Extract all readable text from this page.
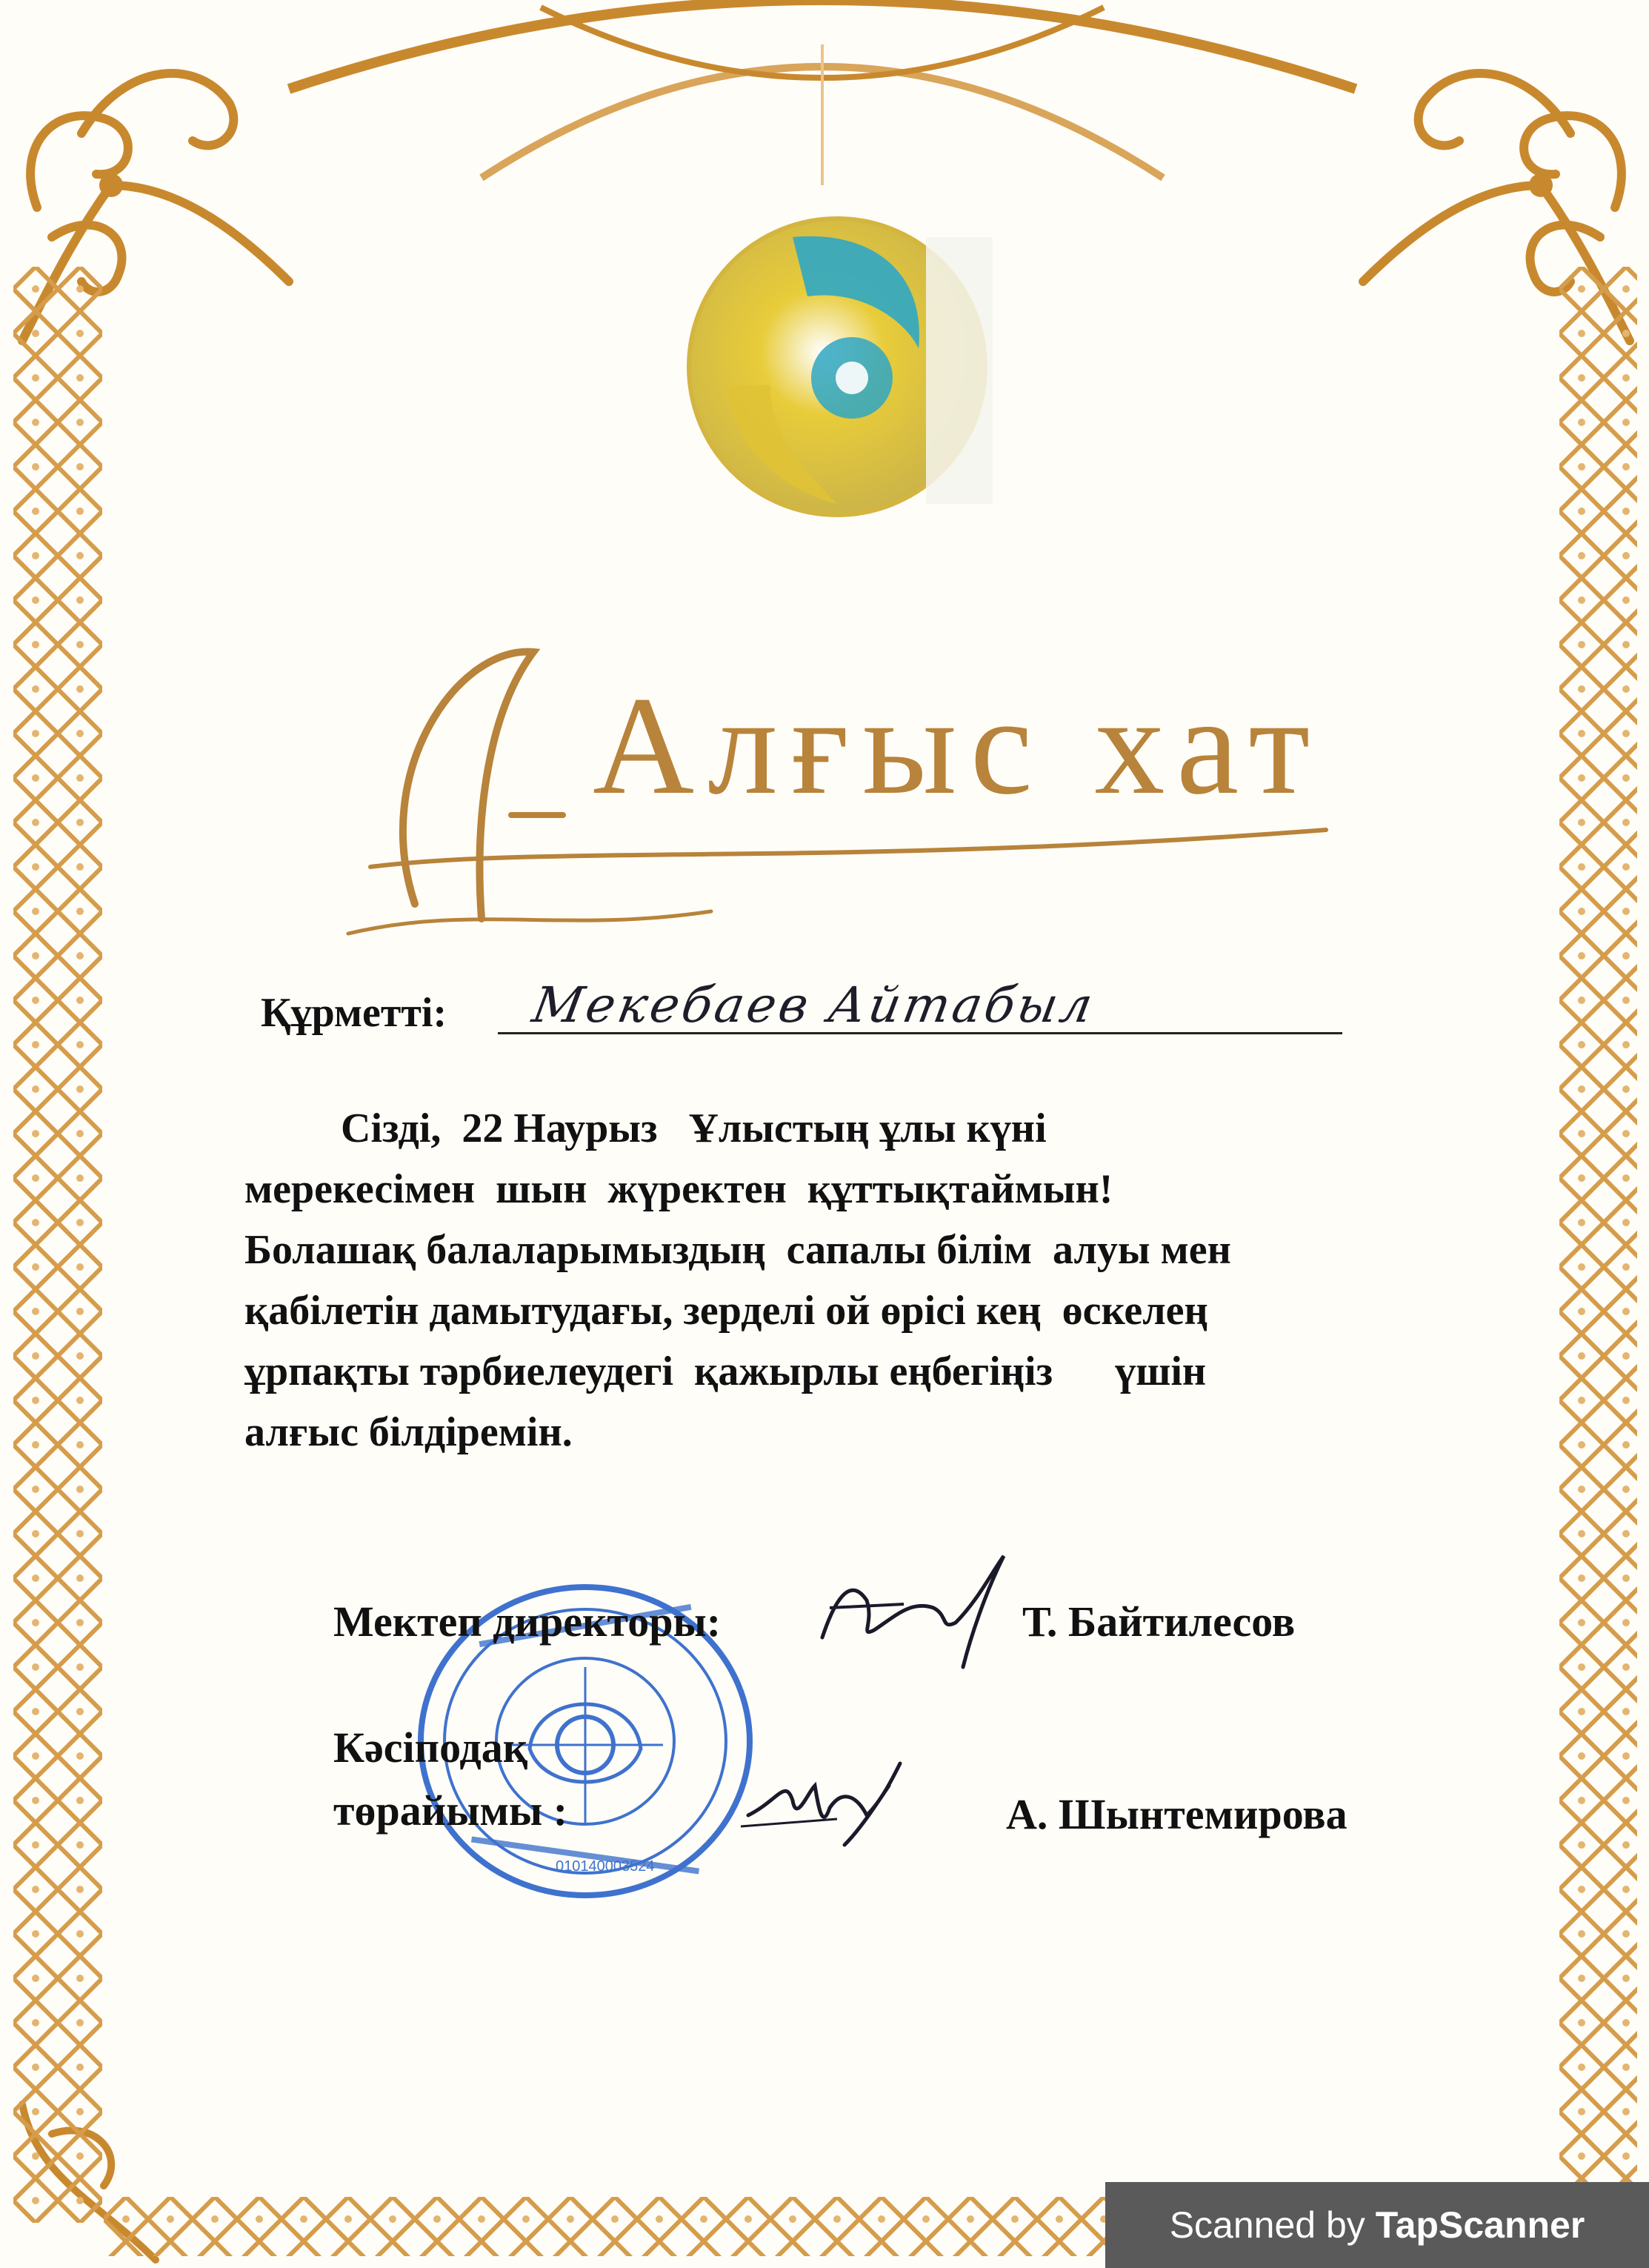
Алғыс хат
Құрметті: Мекебаев Айтабыл
Сізді,  22 Наурыз   Ұлыстың ұлы күні
мерекесімен  шын  жүректен  құттықтаймын!
Болашақ балаларымыздың  сапалы білім  алуы мен
қабілетін дамытудағы, зерделі ой өрісі кең  өскелең
ұрпақты тәрбиелеудегі  қажырлы еңбегіңіз      үшін
алғыс білдіремін.
010140003524
Мектеп директоры:	Т. Байтилесов
Кәсіподақ
төрайымы :	А. Шынтемирова
Scanned by TapScanner
